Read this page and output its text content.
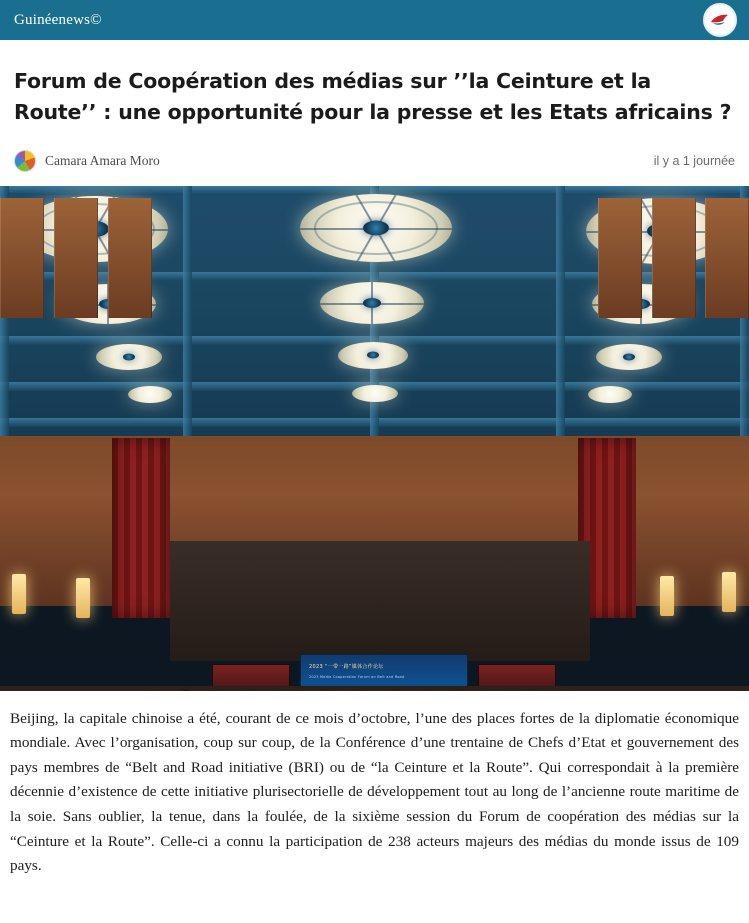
Guinéenews©
Forum de Coopération des médias sur ’’la Ceinture et la Route’’ : une opportunité pour la presse et les Etats africains ?
Camara Amara Moro	il y a 1 journée
2023 “一带一路”媒体合作论坛
2023 Media Cooperation Forum on Belt and Road

Beijing, la capitale chinoise a été, courant de ce mois d’octobre, l’une des places fortes de la diplomatie économique mondiale. Avec l’organisation, coup sur coup, de la Conférence d’une trentaine de Chefs d’Etat et gouvernement des pays membres de “Belt and Road initiative (BRI) ou de “la Ceinture et la Route”. Qui correspondait à la première décennie d’existence de cette initiative plurisectorielle de développement tout au long de l’ancienne route maritime de la soie. Sans oublier, la tenue, dans la foulée, de la sixième session du Forum de coopération des médias sur la “Ceinture et la Route”. Celle-ci a connu la participation de 238 acteurs majeurs des médias du monde issus de 109 pays.
